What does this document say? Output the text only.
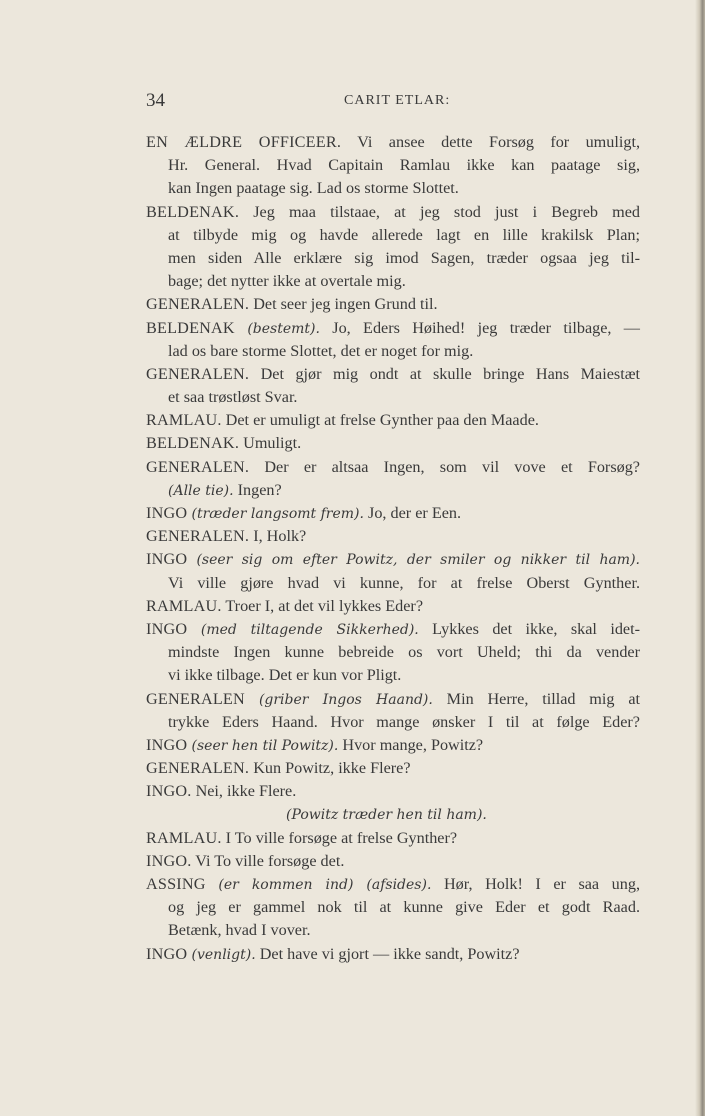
34	CARIT ETLAR:
EN ÆLDRE OFFICEER. Vi ansee dette Forsøg for umuligt,
Hr. General. Hvad Capitain Ramlau ikke kan paatage sig,
kan Ingen paatage sig. Lad os storme Slottet.
BELDENAK. Jeg maa tilstaae, at jeg stod just i Begreb med
at tilbyde mig og havde allerede lagt en lille krakilsk Plan;
men siden Alle erklære sig imod Sagen, træder ogsaa jeg til-
bage; det nytter ikke at overtale mig.
GENERALEN. Det seer jeg ingen Grund til.
BELDENAK (bestemt). Jo, Eders Høihed! jeg træder tilbage, —
lad os bare storme Slottet, det er noget for mig.
GENERALEN. Det gjør mig ondt at skulle bringe Hans Maiestæt
et saa trøstløst Svar.
RAMLAU. Det er umuligt at frelse Gynther paa den Maade.
BELDENAK. Umuligt.
GENERALEN. Der er altsaa Ingen, som vil vove et Forsøg?
(Alle tie). Ingen?
INGO (træder langsomt frem). Jo, der er Een.
GENERALEN. I, Holk?
INGO (seer sig om efter Powitz, der smiler og nikker til ham).
Vi ville gjøre hvad vi kunne, for at frelse Oberst Gynther.
RAMLAU. Troer I, at det vil lykkes Eder?
INGO (med tiltagende Sikkerhed). Lykkes det ikke, skal idet-
mindste Ingen kunne bebreide os vort Uheld; thi da vender
vi ikke tilbage. Det er kun vor Pligt.
GENERALEN (griber Ingos Haand). Min Herre, tillad mig at
trykke Eders Haand. Hvor mange ønsker I til at følge Eder?
INGO (seer hen til Powitz). Hvor mange, Powitz?
GENERALEN. Kun Powitz, ikke Flere?
INGO. Nei, ikke Flere.
(Powitz træder hen til ham).
RAMLAU. I To ville forsøge at frelse Gynther?
INGO. Vi To ville forsøge det.
ASSING (er kommen ind) (afsides). Hør, Holk! I er saa ung,
og jeg er gammel nok til at kunne give Eder et godt Raad.
Betænk, hvad I vover.
INGO (venligt). Det have vi gjort — ikke sandt, Powitz?
